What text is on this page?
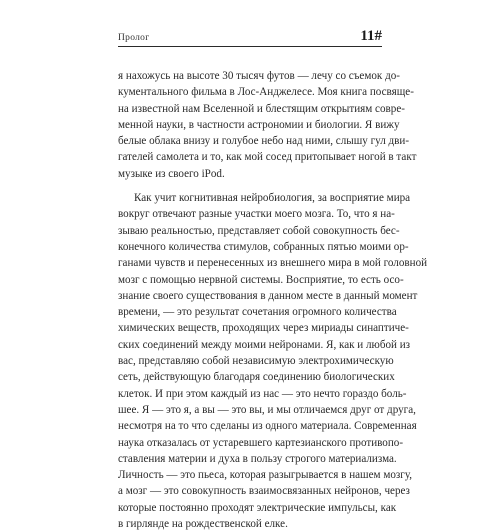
Пролог	11#

я нахожусь на высоте 30 тысяч футов — лечу со съемок до-
кументального фильма в Лос-Анджелесе. Моя книга посвяще-
на известной нам Вселенной и блестящим открытиям совре-
менной науки, в частности астрономии и биологии. Я вижу
белые облака внизу и голубое небо над ними, слышу гул дви-
гателей самолета и то, как мой сосед притопывает ногой в такт
музыке из своего iPod.

Как учит когнитивная нейробиология, за восприятие мира
вокруг отвечают разные участки моего мозга. То, что я на-
зываю реальностью, представляет собой совокупность бес-
конечного количества стимулов, собранных пятью моими ор-
ганами чувств и перенесенных из внешнего мира в мой головной
мозг с помощью нервной системы. Восприятие, то есть осо-
знание своего существования в данном месте в данный момент
времени, — это результат сочетания огромного количества
химических веществ, проходящих через мириады синаптиче-
ских соединений между моими нейронами. Я, как и любой из
вас, представляю собой независимую электрохимическую
сеть, действующую благодаря соединению биологических
клеток. И при этом каждый из нас — это нечто гораздо боль-
шее. Я — это я, а вы — это вы, и мы отличаемся друг от друга,
несмотря на то что сделаны из одного материала. Современная
наука отказалась от устаревшего картезианского противопо-
ставления материи и духа в пользу строгого материализма.
Личность — это пьеса, которая разыгрывается в нашем мозгу,
а мозг — это совокупность взаимосвязанных нейронов, через
которые постоянно проходят электрические импульсы, как
в гирлянде на рождественской елке.
